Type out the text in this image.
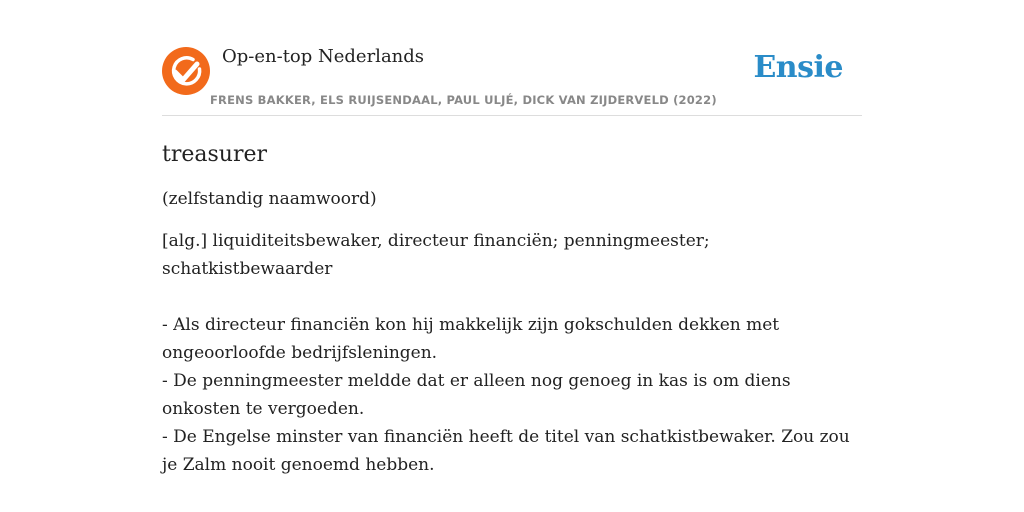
Op-en-top Nederlands
FRENS BAKKER, ELS RUIJSENDAAL, PAUL ULJÉ, DICK VAN ZIJDERVELD (2022)
Ensie

treasurer

(zelfstandig naamwoord)

[alg.] liquiditeitsbewaker, directeur financiën; penningmeester; schatkistbewaarder

- Als directeur financiën kon hij makkelijk zijn gokschulden dekken met ongeoorloofde bedrijfsleningen.
- De penningmeester meldde dat er alleen nog genoeg in kas is om diens onkosten te vergoeden.
- De Engelse minster van financiën heeft de titel van schatkistbewaker. Zou zou je Zalm nooit genoemd hebben.
